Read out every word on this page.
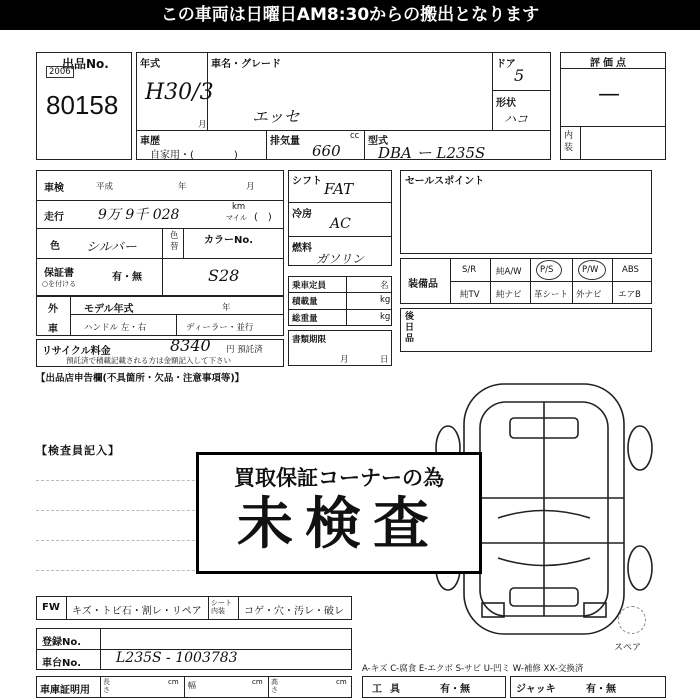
この車両は日曜日AM8:30からの搬出となります
出品No.
2006
80158
年式
H30/3
月
車名・グレード
エッセ
ドア
5
形状
ハコ
車歴
自家用・(　　　　)
排気量	cc
660
型式
DBA ー L235S
評価点
—
内装
車検	平成	年	月
走行 9万 9千 028	km
マイル (　)
色 シルバー
色替
カラーNo.
S28
保証書
○を付ける
有・無
外
車
モデル年式	年
ハンドル 左・右	ディーラー・並行
リサイクル料金	8340 円 預託済
預託済で積載記載される方は金額記入して下さい
【出品店申告欄(不具箇所・欠品・注意事項等)】
シフト FAT
冷房
AC
燃料
ガソリン
乗車定員	名
積載量	kg
総重量	kg
書類期限
月	日
セールスポイント
装備品
S/R 純A/W P/S	P/W	ABS
純TV 純ナビ 革シート 外ナビ エアB
後日品
【検査員記入】
スペア
買取保証コーナーの為
未検査
FW キズ・トビ石・割レ・リペア
シート内装	コゲ・穴・汚レ・破レ
登録No.
車台No. L235S - 1003783
A-キズ C-腐食 E-エクボ S-サビ U-凹ミ W-補修 XX-交換済
車庫証明用
長さ
cm 幅	cm 高さ
cm
工具	有・無	ジャッキ	有・無
